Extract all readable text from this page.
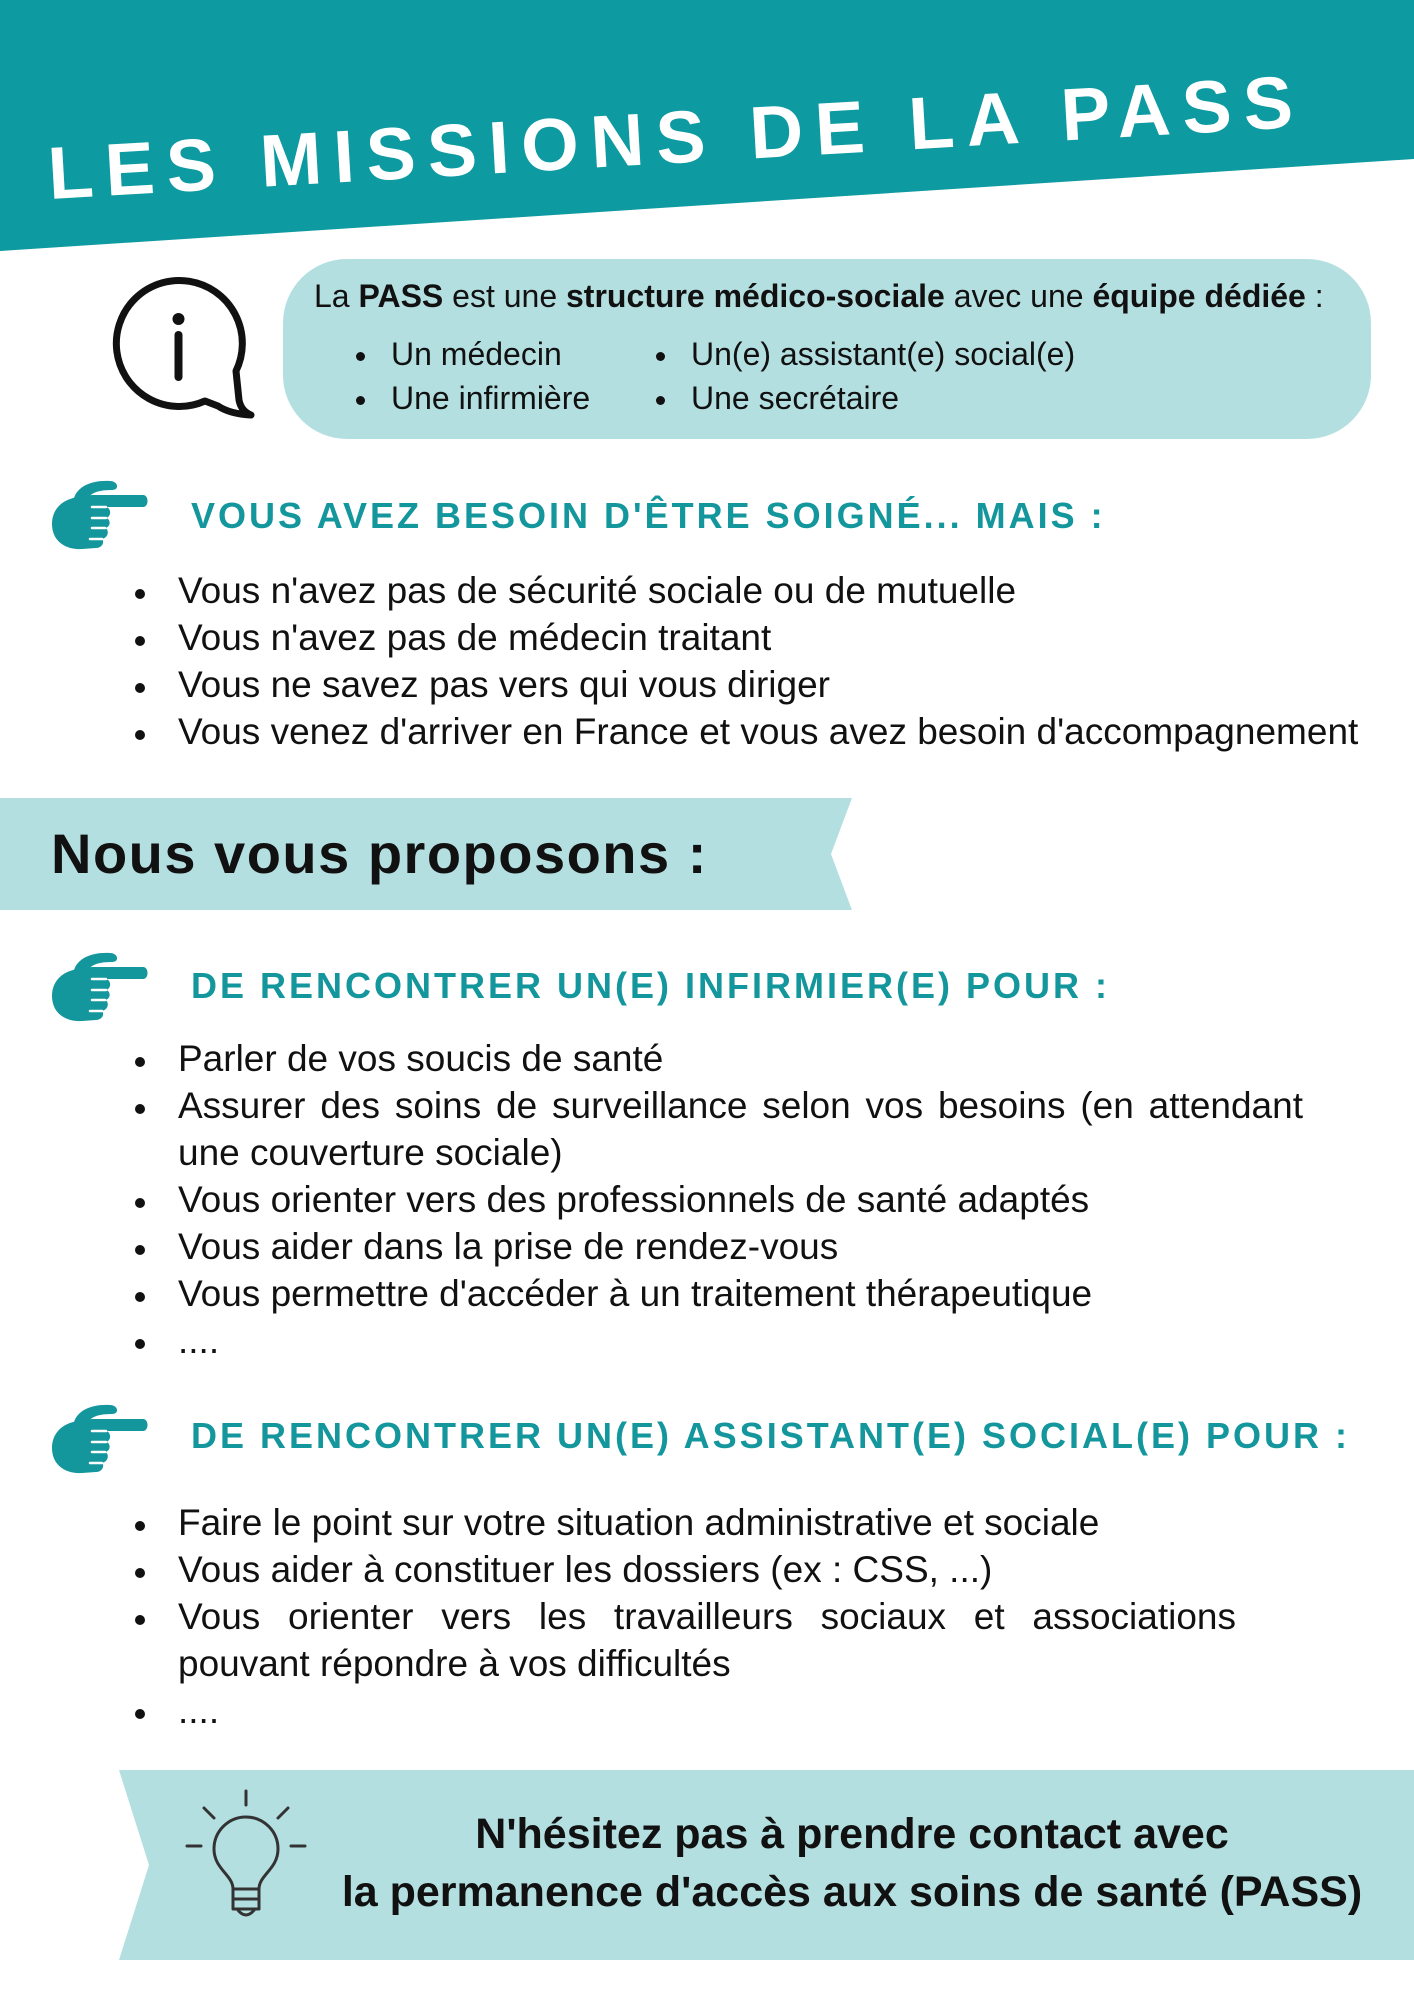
LES MISSIONS DE LA PASS
La PASS est une structure médico-sociale avec une équipe dédiée :
Un médecin
Une infirmière
Un(e) assistant(e) social(e)
Une secrétaire
VOUS AVEZ BESOIN D'ÊTRE SOIGNÉ... MAIS :
Vous n'avez pas de sécurité sociale ou de mutuelle
Vous n'avez pas de médecin traitant
Vous ne savez pas vers qui vous diriger
Vous venez d'arriver en France et vous avez besoin d'accompagnement
Nous vous proposons :
DE RENCONTRER UN(E) INFIRMIER(E) POUR :
Parler de vos soucis de santé
Assurer des soins de surveillance selon vos besoins (en attendant une couverture sociale)
Vous orienter vers des professionnels de santé adaptés
Vous aider dans la prise de rendez-vous
Vous permettre d'accéder à un traitement thérapeutique
....
DE RENCONTRER UN(E) ASSISTANT(E) SOCIAL(E) POUR :
Faire le point sur votre situation administrative et sociale
Vous aider à constituer les dossiers (ex : CSS, ...)
Vous orienter vers les travailleurs sociaux et associations pouvant répondre à vos difficultés
....
N'hésitez pas à prendre contact avec
la permanence d'accès aux soins de santé (PASS)
